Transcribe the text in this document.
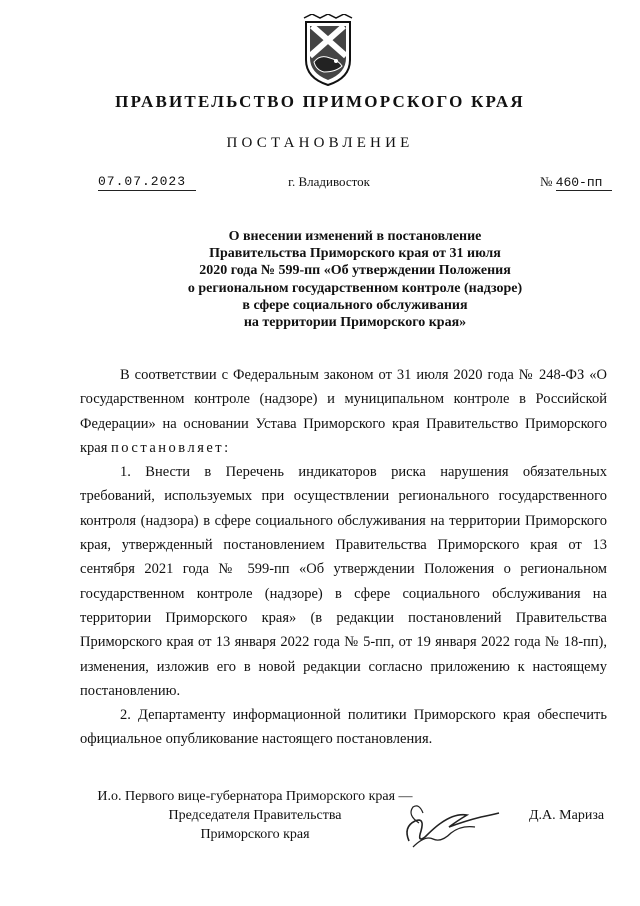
ПРАВИТЕЛЬСТВО ПРИМОРСКОГО КРАЯ
ПОСТАНОВЛЕНИЕ
07.07.2023	г. Владивосток	№ 460-пп
О внесении изменений в постановление
Правительства Приморского края от 31 июля
2020 года № 599-пп «Об утверждении Положения
о региональном государственном контроле (надзоре)
в сфере социального обслуживания
на территории Приморского края»

В соответствии с Федеральным законом от 31 июля 2020 года № 248-ФЗ «О государственном контроле (надзоре) и муниципальном контроле в Российской Федерации» на основании Устава Приморского края Правительство Приморского края постановляет:

1. Внести в Перечень индикаторов риска нарушения обязательных требований, используемых при осуществлении регионального государственного контроля (надзора) в сфере социального обслуживания на территории Приморского края, утвержденный постановлением Правительства Приморского края от 13 сентября 2021 года № 599-пп «Об утверждении Положения о региональном государственном контроле (надзоре) в сфере социального обслуживания на территории Приморского края» (в редакции постановлений Правительства Приморского края от 13 января 2022 года № 5-пп, от 19 января 2022 года № 18-пп), изменения, изложив его в новой редакции согласно приложению к настоящему постановлению.

2. Департаменту информационной политики Приморского края обеспечить официальное опубликование настоящего постановления.

И.о. Первого вице-губернатора Приморского края —
Председателя Правительства
Приморского края
Д.А. Мариза
